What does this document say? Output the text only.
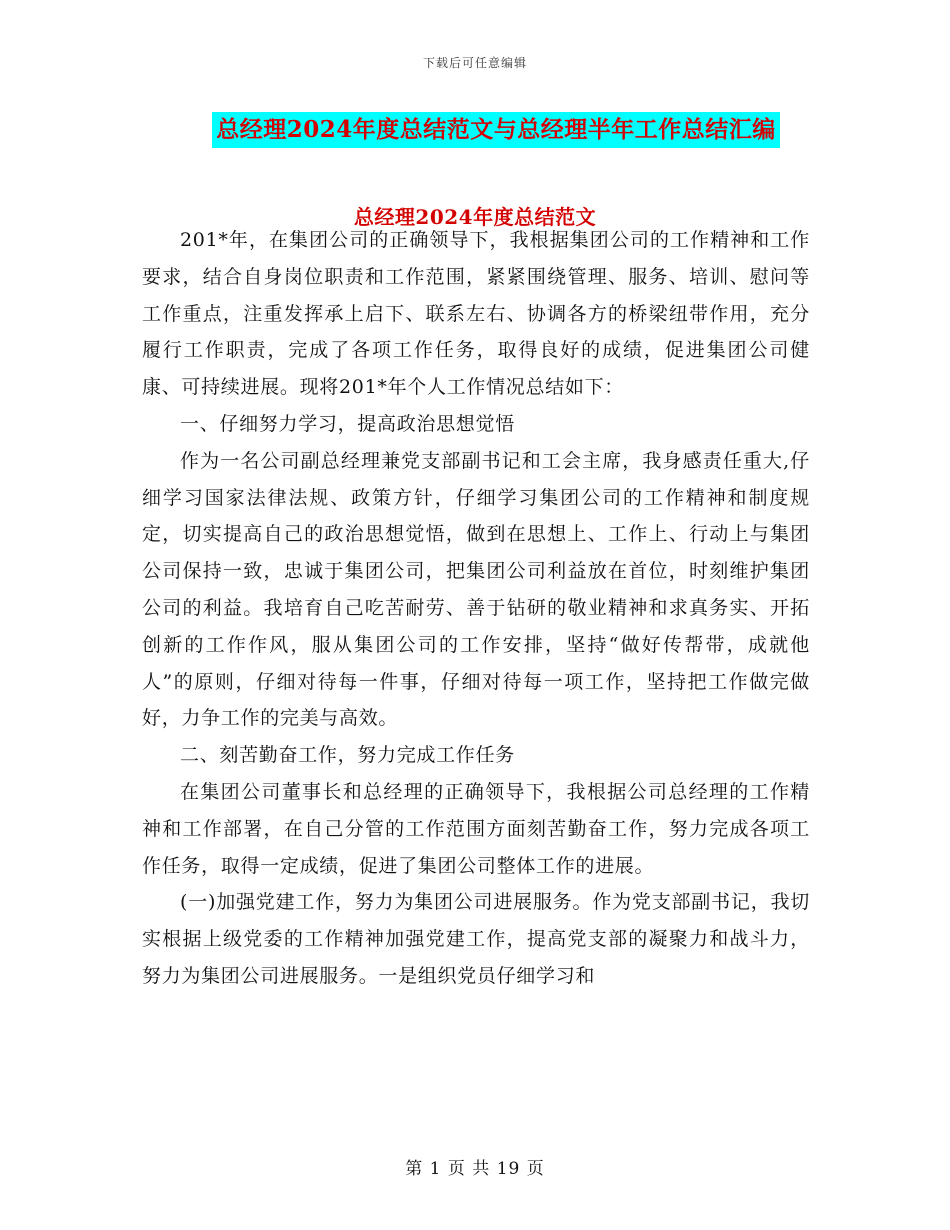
下载后可任意编辑
总经理2024年度总结范文与总经理半年工作总结汇编
总经理2024年度总结范文

201*年，在集团公司的正确领导下，我根据集团公司的工作精神和工作要求，结合自身岗位职责和工作范围，紧紧围绕管理、服务、培训、慰问等工作重点，注重发挥承上启下、联系左右、协调各方的桥梁纽带作用，充分履行工作职责，完成了各项工作任务，取得良好的成绩，促进集团公司健康、可持续进展。现将201*年个人工作情况总结如下：

一、仔细努力学习，提高政治思想觉悟

作为一名公司副总经理兼党支部副书记和工会主席，我身感责任重大,仔细学习国家法律法规、政策方针，仔细学习集团公司的工作精神和制度规定，切实提高自己的政治思想觉悟，做到在思想上、工作上、行动上与集团公司保持一致，忠诚于集团公司，把集团公司利益放在首位，时刻维护集团公司的利益。我培育自己吃苦耐劳、善于钻研的敬业精神和求真务实、开拓创新的工作作风，服从集团公司的工作安排，坚持“做好传帮带，成就他人”的原则，仔细对待每一件事，仔细对待每一项工作，坚持把工作做完做好，力争工作的完美与高效。

二、刻苦勤奋工作，努力完成工作任务

在集团公司董事长和总经理的正确领导下，我根据公司总经理的工作精神和工作部署，在自己分管的工作范围方面刻苦勤奋工作，努力完成各项工作任务，取得一定成绩，促进了集团公司整体工作的进展。

(一)加强党建工作，努力为集团公司进展服务。作为党支部副书记，我切实根据上级党委的工作精神加强党建工作，提高党支部的凝聚力和战斗力，努力为集团公司进展服务。一是组织党员仔细学习和

第 1 页 共 19 页
